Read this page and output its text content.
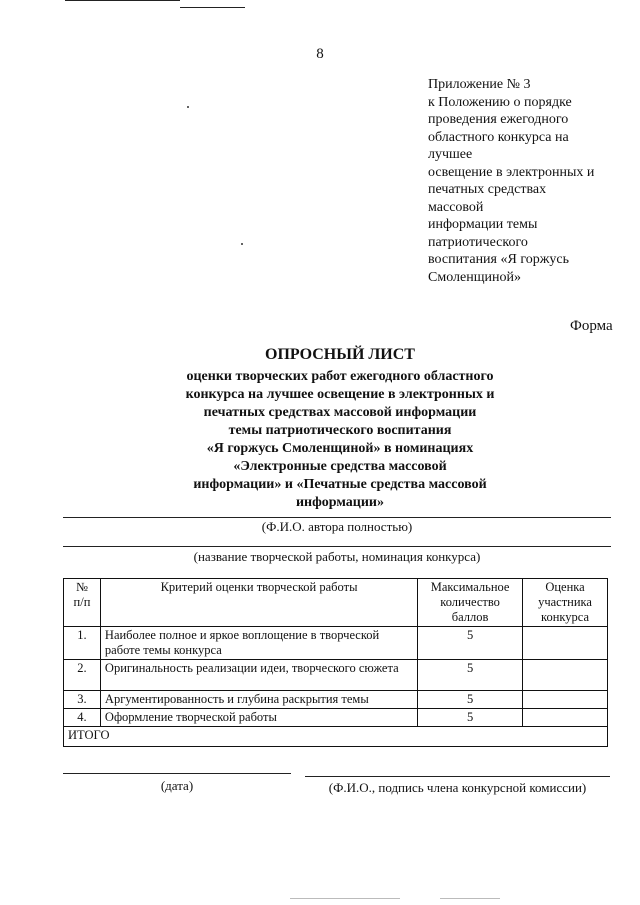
8
Приложение № 3
к Положению о порядке
проведения ежегодного
областного конкурса на
лучшее
освещение в электронных и
печатных средствах
массовой
информации темы
патриотического
воспитания «Я горжусь
Смоленщиной»
Форма
ОПРОСНЫЙ ЛИСТ
оценки творческих работ ежегодного областного
конкурса на лучшее освещение в электронных и
печатных средствах массовой информации
темы патриотического воспитания
«Я горжусь Смоленщиной» в номинациях
«Электронные средства массовой
информации» и «Печатные средства массовой
информации»
(Ф.И.О. автора полностью)
(название творческой работы, номинация конкурса)
№
п/п	Критерий оценки творческой работы	Максимальное
количество
баллов	Оценка
участника
конкурса
1.	Наиболее полное и яркое воплощение в творческой работе темы конкурса	5	
2.	Оригинальность реализации идеи, творческого сюжета	5	
3.	Аргументированность и глубина раскрытия темы	5	
4.	Оформление творческой работы	5	
ИТОГО			
(дата)	(Ф.И.О., подпись члена конкурсной комиссии)
